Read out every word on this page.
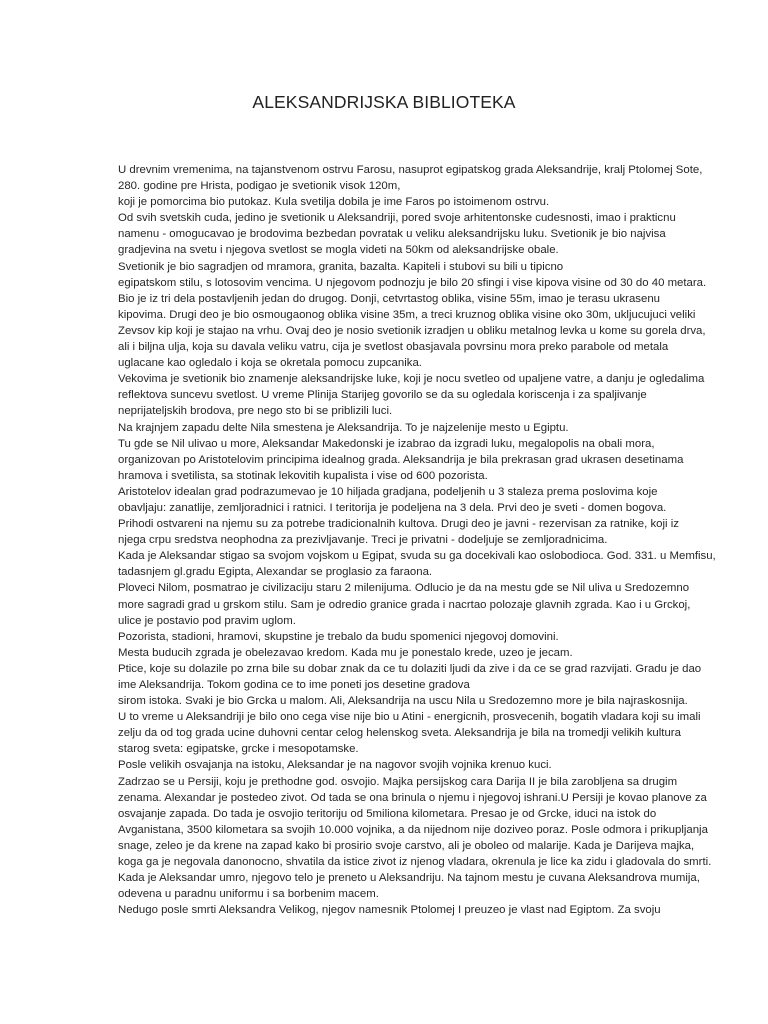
ALEKSANDRIJSKA BIBLIOTEKA
U drevnim vremenima, na tajanstvenom ostrvu Farosu, nasuprot egipatskog grada Aleksandrije, kralj Ptolomej Sote,
280. godine pre Hrista, podigao je svetionik visok 120m,
koji je pomorcima bio putokaz. Kula svetilja dobila je ime Faros po istoimenom ostrvu.
Od svih svetskih cuda, jedino je svetionik u Aleksandriji, pored svoje arhitentonske cudesnosti, imao i prakticnu
namenu - omogucavao je brodovima bezbedan povratak u veliku aleksandrijsku luku. Svetionik je bio najvisa
gradjevina na svetu i njegova svetlost se mogla videti na 50km od aleksandrijske obale.
Svetionik je bio sagradjen od mramora, granita, bazalta. Kapiteli i stubovi su bili u tipicno
egipatskom stilu, s lotosovim vencima. U njegovom podnozju je bilo 20 sfingi i vise kipova visine od 30 do 40 metara.
Bio je iz tri dela postavljenih jedan do drugog. Donji, cetvrtastog oblika, visine 55m, imao je terasu ukrasenu
kipovima. Drugi deo je bio osmougaonog oblika visine 35m, a treci kruznog oblika visine oko 30m, ukljucujuci veliki
Zevsov kip koji je stajao na vrhu. Ovaj deo je nosio svetionik izradjen u obliku metalnog levka u kome su gorela drva,
ali i biljna ulja, koja su davala veliku vatru, cija je svetlost obasjavala povrsinu mora preko parabole od metala
uglacane kao ogledalo i koja se okretala pomocu zupcanika.
Vekovima je svetionik bio znamenje aleksandrijske luke, koji je nocu svetleo od upaljene vatre, a danju je ogledalima
reflektova suncevu svetlost. U vreme Plinija Starijeg govorilo se da su ogledala koriscenja i za spaljivanje
neprijateljskih brodova, pre nego sto bi se priblizili luci.
Na krajnjem zapadu delte Nila smestena je Aleksandrija. To je najzelenije mesto u Egiptu.
Tu gde se Nil ulivao u more, Aleksandar Makedonski je izabrao da izgradi luku, megalopolis na obali mora,
organizovan po Aristotelovim principima idealnog grada. Aleksandrija je bila prekrasan grad ukrasen desetinama
hramova i svetilista, sa stotinak lekovitih kupalista i vise od 600 pozorista.
Aristotelov idealan grad podrazumevao je 10 hiljada gradjana, podeljenih u 3 staleza prema poslovima koje
obavljaju: zanatlije, zemljoradnici i ratnici. I teritorija je podeljena na 3 dela. Prvi deo je sveti - domen bogova.
Prihodi ostvareni na njemu su za potrebe tradicionalnih kultova. Drugi deo je javni - rezervisan za ratnike, koji iz
njega crpu sredstva neophodna za prezivljavanje. Treci je privatni - dodeljuje se zemljoradnicima.
Kada je Aleksandar stigao sa svojom vojskom u Egipat, svuda su ga docekivali kao oslobodioca. God. 331. u Memfisu,
tadasnjem gl.gradu Egipta, Alexandar se proglasio za faraona.
Ploveci Nilom, posmatrao je civilizaciju staru 2 milenijuma. Odlucio je da na mestu gde se Nil uliva u Sredozemno
more sagradi grad u grskom stilu. Sam je odredio granice grada i nacrtao polozaje glavnih zgrada. Kao i u Grckoj,
ulice je postavio pod pravim uglom.
Pozorista, stadioni, hramovi, skupstine je trebalo da budu spomenici njegovoj domovini.
Mesta buducih zgrada je obelezavao kredom. Kada mu je ponestalo krede, uzeo je jecam.
Ptice, koje su dolazile po zrna bile su dobar znak da ce tu dolaziti ljudi da zive i da ce se grad razvijati. Gradu je dao
ime Aleksandrija. Tokom godina ce to ime poneti jos desetine gradova
sirom istoka. Svaki je bio Grcka u malom. Ali, Aleksandrija na uscu Nila u Sredozemno more je bila najraskosnija.
U to vreme u Aleksandriji je bilo ono cega vise nije bio u Atini - energicnih, prosvecenih, bogatih vladara koji su imali
zelju da od tog grada ucine duhovni centar celog helenskog sveta. Aleksandrija je bila na tromedji velikih kultura
starog sveta: egipatske, grcke i mesopotamske.
Posle velikih osvajanja na istoku, Aleksandar je na nagovor svojih vojnika krenuo kuci.
Zadrzao se u Persiji, koju je prethodne god. osvojio. Majka persijskog cara Darija II je bila zarobljena sa drugim
zenama. Alexandar je postedeo zivot. Od tada se ona brinula o njemu i njegovoj ishrani.U Persiji je kovao planove za
osvajanje zapada. Do tada je osvojio teritoriju od 5miliona kilometara. Presao je od Grcke, iduci na istok do
Avganistana, 3500 kilometara sa svojih 10.000 vojnika, a da nijednom nije doziveo poraz. Posle odmora i prikupljanja
snage, zeleo je da krene na zapad kako bi prosirio svoje carstvo, ali je oboleo od malarije. Kada je Darijeva majka,
koga ga je negovala danonocno, shvatila da istice zivot iz njenog vladara, okrenula je lice ka zidu i gladovala do smrti.
Kada je Aleksandar umro, njegovo telo je preneto u Aleksandriju. Na tajnom mestu je cuvana Aleksandrova mumija,
odevena u paradnu uniformu i sa borbenim macem.
Nedugo posle smrti Aleksandra Velikog, njegov namesnik Ptolomej I preuzeo je vlast nad Egiptom. Za svoju
